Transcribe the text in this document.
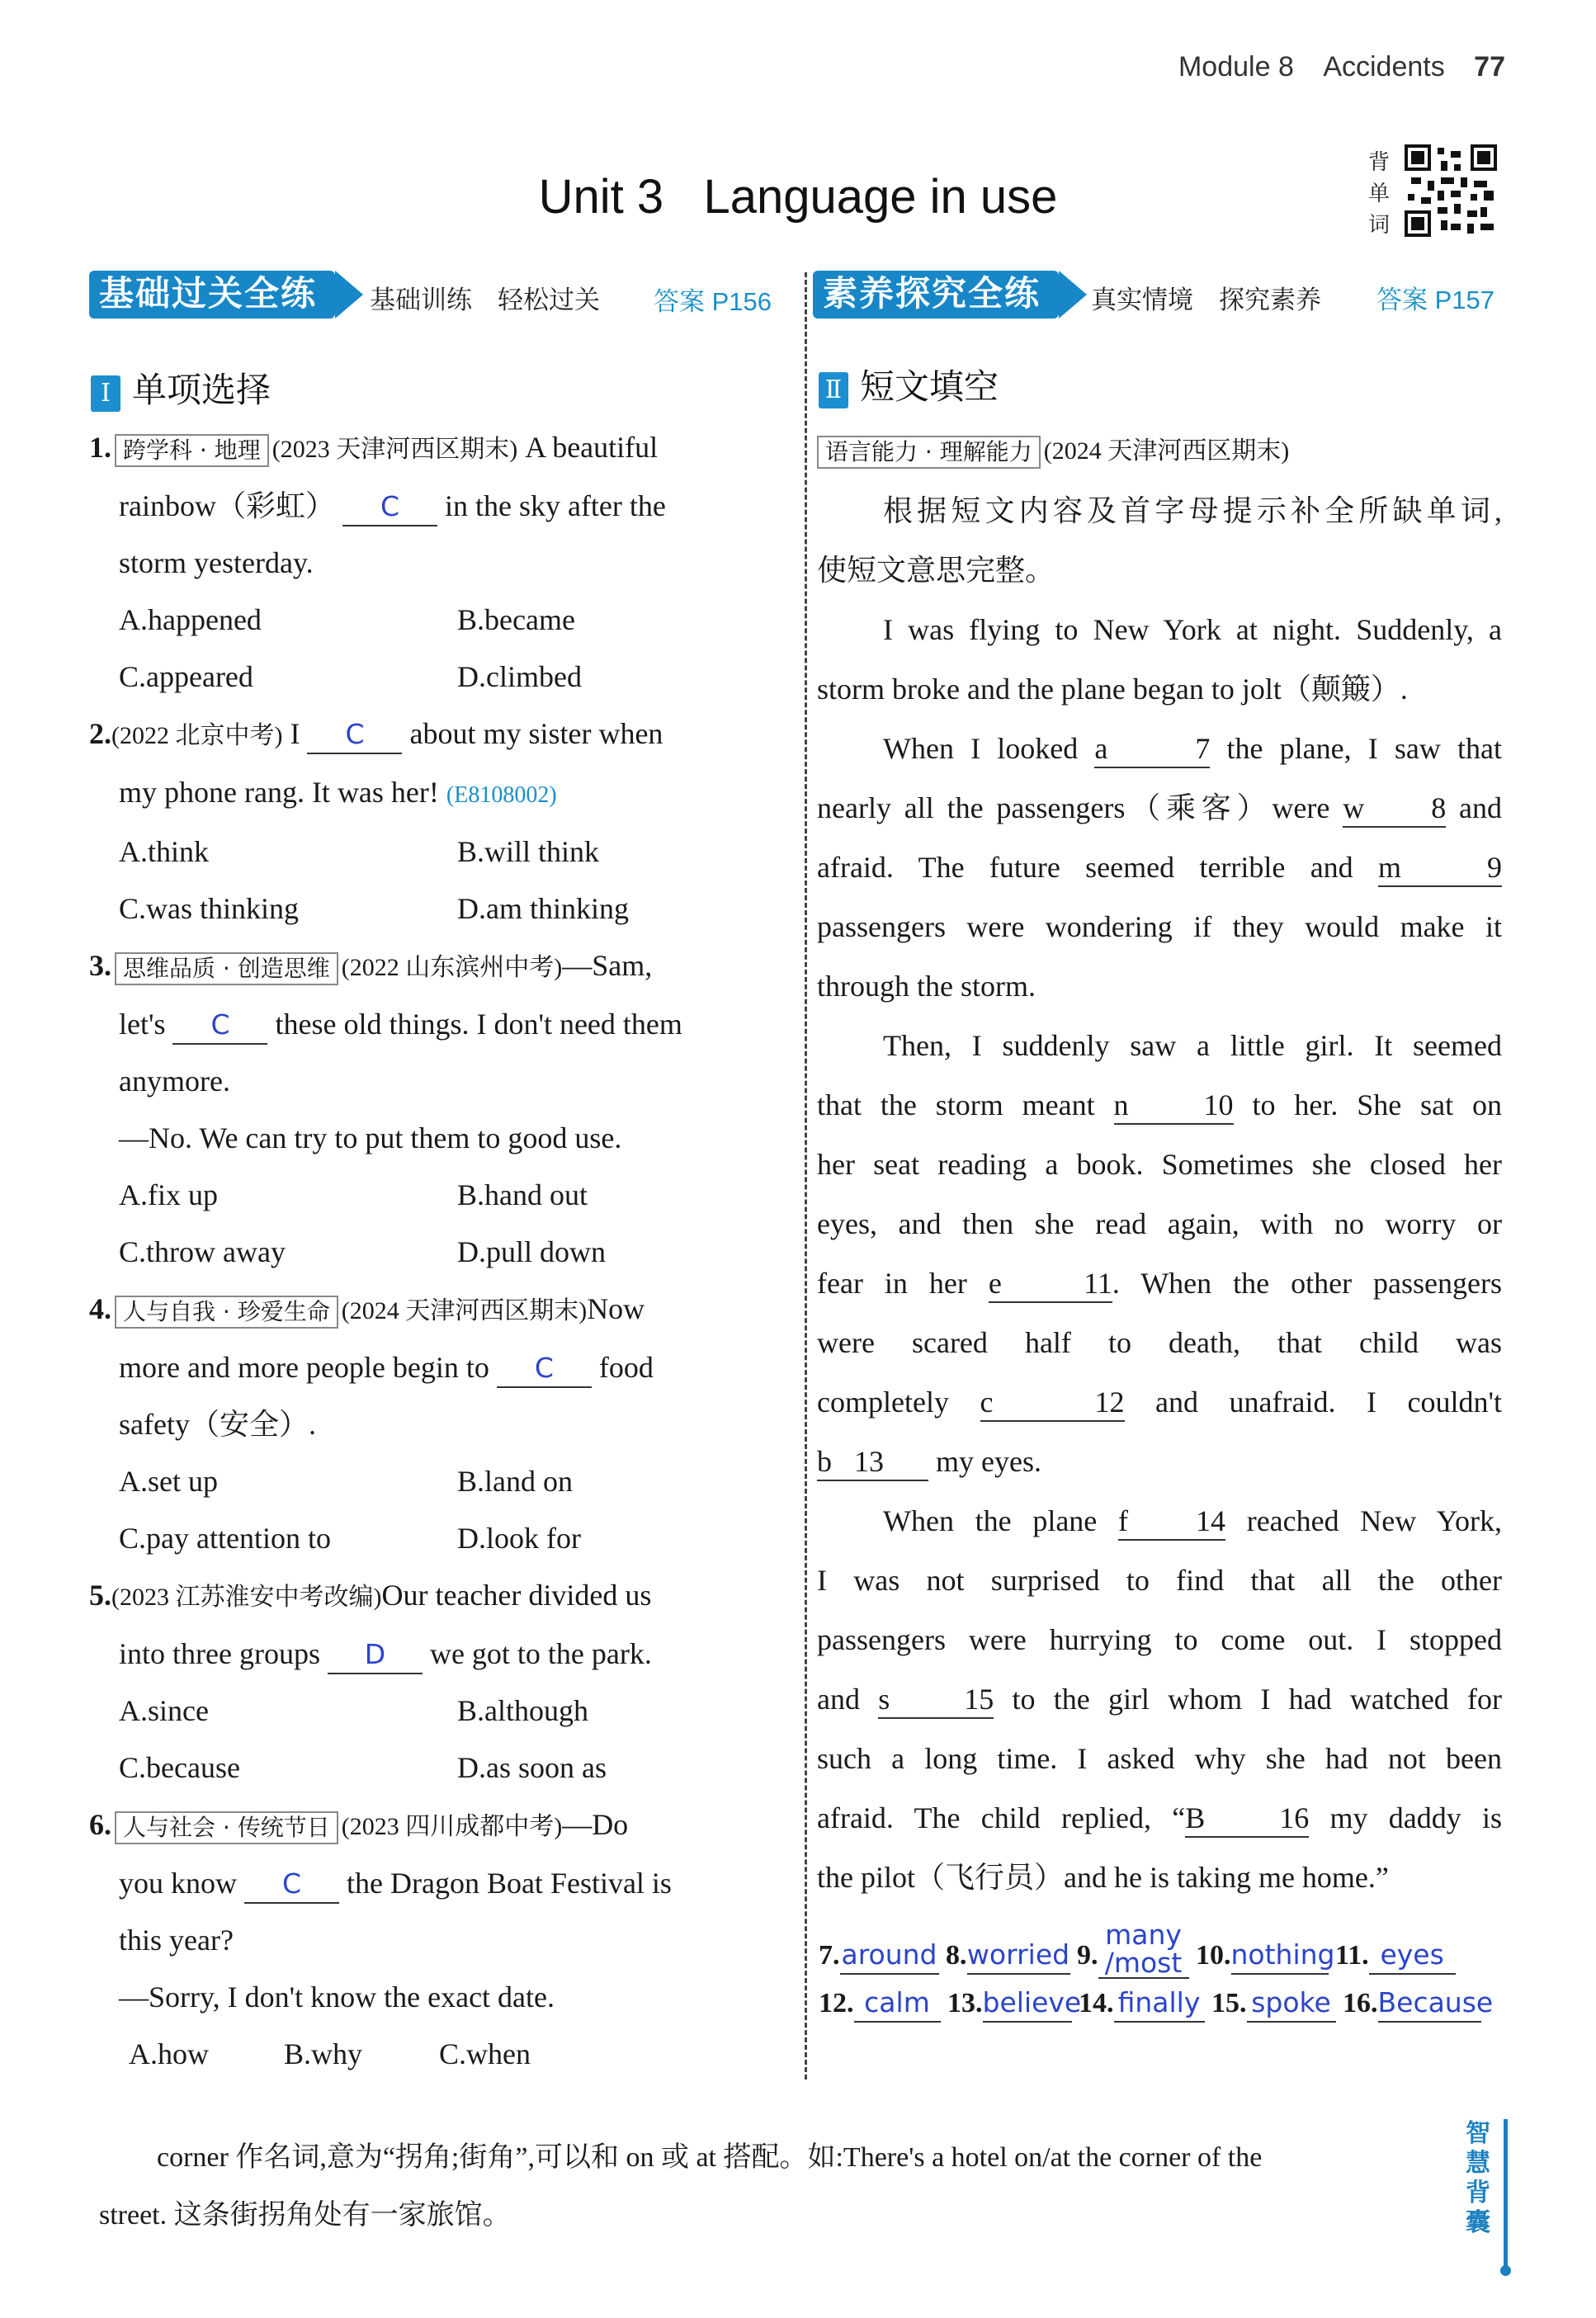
Module 8 Accidents 77
Unit 3   Language in use
背单词
基础过关全练	基础训练 轻松过关 答案 P156 素养探究全练	真实情境 探究素养 答案 P157
Ⅰ 单项选择
1. 跨学科 · 地理 (2023 天津河西区期末) A beautiful
rainbow（彩虹） C in the sky after the
storm yesterday.
A.happened	B.became
C.appeared	D.climbed
2.(2022 北京中考) I C about my sister when
my phone rang. It was her! (E8108002)
A.think	B.will think
C.was thinking	D.am thinking
3. 思维品质 · 创造思维 (2022 山东滨州中考)—Sam,
let's C these old things. I don't need them
anymore.
—No. We can try to put them to good use.
A.fix up	B.hand out
C.throw away	D.pull down
4. 人与自我 · 珍爱生命 (2024 天津河西区期末)Now
more and more people begin to C food
safety（安全）.
A.set up	B.land on
C.pay attention to	D.look for
5.(2023 江苏淮安中考改编)Our teacher divided us
into three groups D we got to the park.
A.since	B.although
C.because	D.as soon as
6. 人与社会 · 传统节日 (2023 四川成都中考)—Do
you know C the Dragon Boat Festival is
this year?
—Sorry, I don't know the exact date.
A.how	B.why	C.when
Ⅱ 短文填空
语言能力 · 理解能力 (2024 天津河西区期末)
根据短文内容及首字母提示补全所缺单词,
使短文意思完整。
I was flying to New York at night. Suddenly, a
storm broke and the plane began to jolt（颠簸）.
When I looked a	7 the plane, I saw that
nearly all the passengers（乘客）were w 8 and
afraid. The future seemed terrible and m	9
passengers were wondering if they would make it
through the storm.
Then, I suddenly saw a little girl. It seemed
that the storm meant n	10 to her. She sat on
her seat reading a book. Sometimes she closed her
eyes, and then she read again, with no worry or
fear in her e	11. When the other passengers
were scared half to death, that child was
completely c	12 and unafraid. I couldn't
b 13 my eyes.
When the plane f 14 reached New York,
I was not surprised to find that all the other
passengers were hurrying to come out. I stopped
and s 15 to the girl whom I had watched for
such a long time. I asked why she had not been
afraid. The child replied, “B 16 my daddy is
the pilot（飞行员）and he is taking me home.”
7.around 8.worried 9.many
/most 10.nothing 11. eyes
12. calm 13.believe 14. finally 15. spoke 16.Because
corner 作名词,意为“拐角;街角”,可以和 on 或 at 搭配。如:There's a hotel on/at the corner of the
street. 这条街拐角处有一家旅馆。
智慧背囊
